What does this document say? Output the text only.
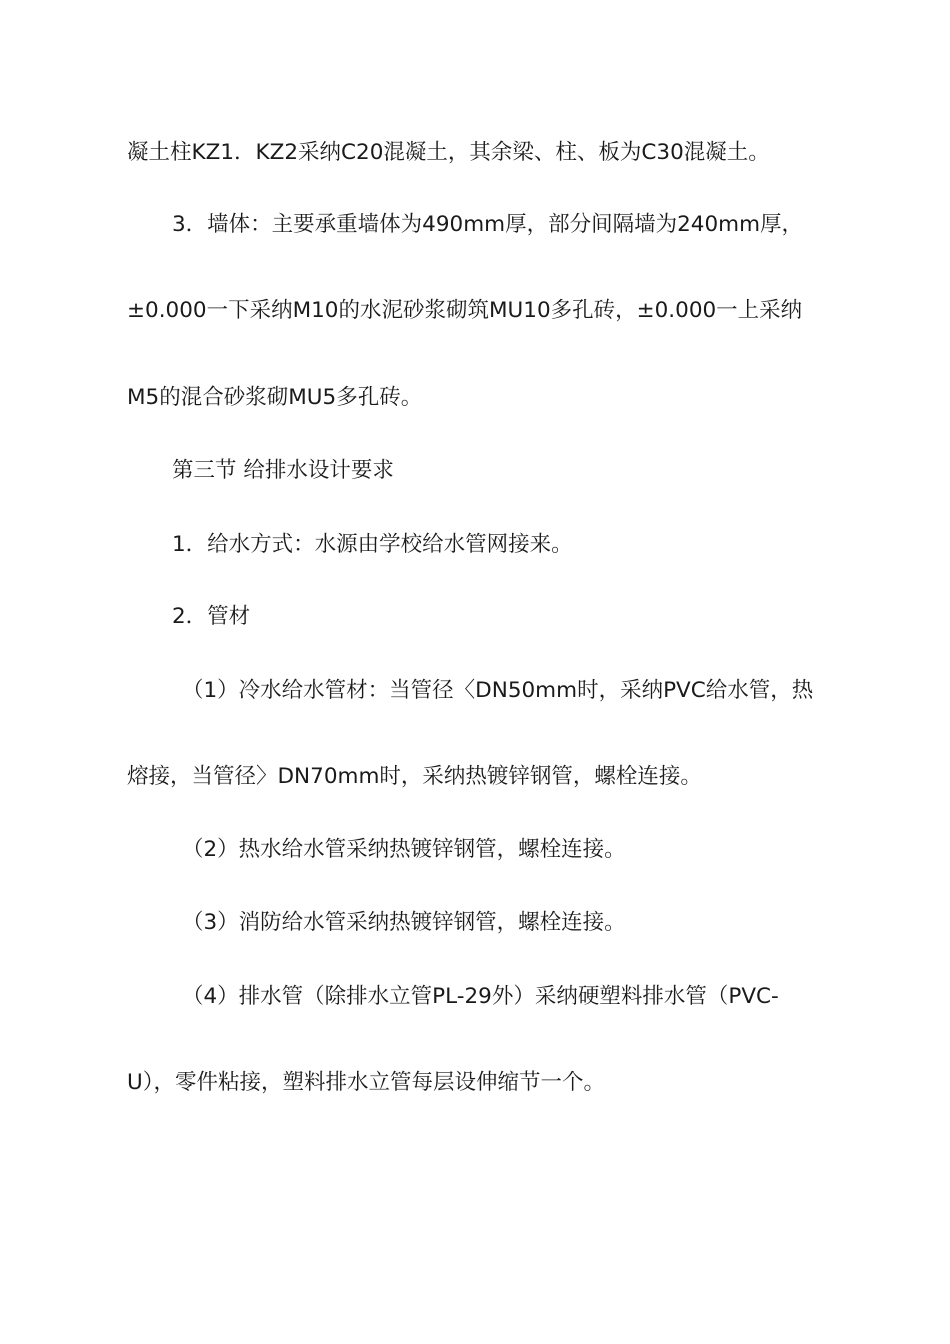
凝土柱KZ1．KZ2采纳C20混凝土，其余梁、柱、板为C30混凝土。
3．墙体：主要承重墙体为490mm厚，部分间隔墙为240mm厚，
±0.000一下采纳M10的水泥砂浆砌筑MU10多孔砖，±0.000一上采纳
M5的混合砂浆砌MU5多孔砖。
第三节 给排水设计要求
1．给水方式：水源由学校给水管网接来。
2．管材
（1）冷水给水管材：当管径〈DN50mm时，采纳PVC给水管，热
熔接，当管径〉DN70mm时，采纳热镀锌钢管，螺栓连接。
（2）热水给水管采纳热镀锌钢管，螺栓连接。
（3）消防给水管采纳热镀锌钢管，螺栓连接。
（4）排水管（除排水立管PL-29外）采纳硬塑料排水管（PVC-
U），零件粘接，塑料排水立管每层设伸缩节一个。
